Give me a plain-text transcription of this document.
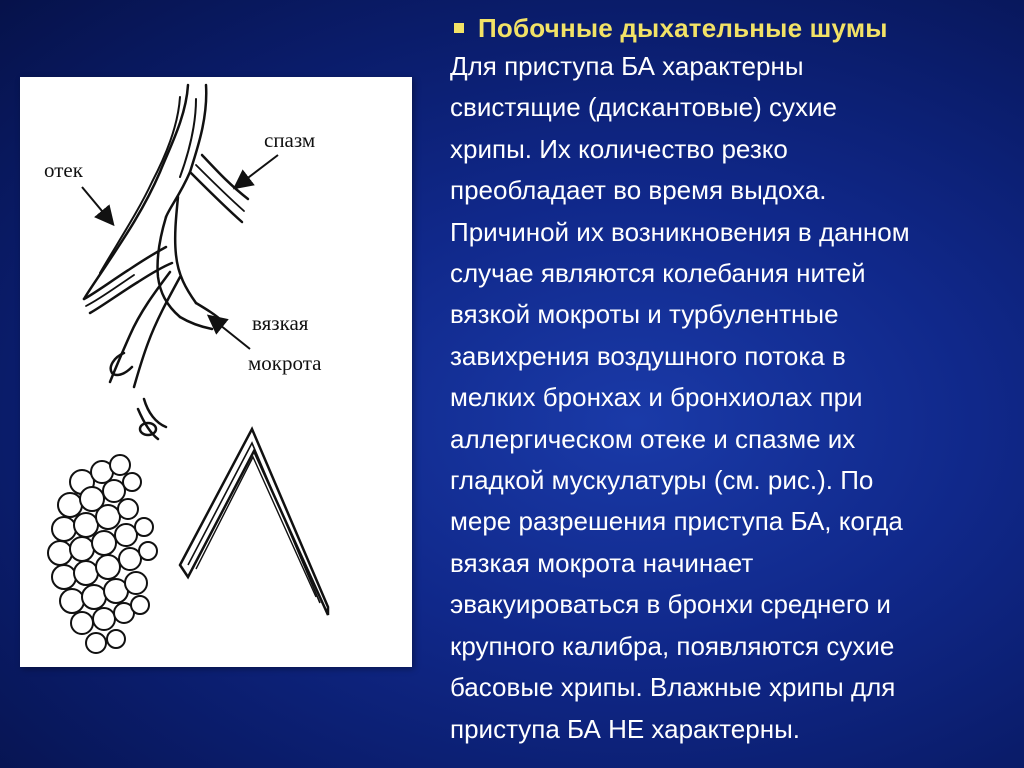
спазм
отек
вязкая
мокрота
Побочные дыхательные шумы
Для приступа БА характерны
свистящие (дискантовые) сухие
хрипы. Их количество резко
преобладает во время выдоха.
Причиной их возникновения в данном
случае являются колебания нитей
вязкой мокроты и турбулентные
завихрения воздушного потока в
мелких бронхах и бронхиолах при
аллергическом отеке и спазме их
гладкой мускулатуры (см. рис.). По
мере разрешения приступа БА, когда
вязкая мокрота начинает
эвакуироваться в бронхи среднего и
крупного калибра, появляются сухие
басовые хрипы. Влажные хрипы для
приступа БА НЕ характерны.
